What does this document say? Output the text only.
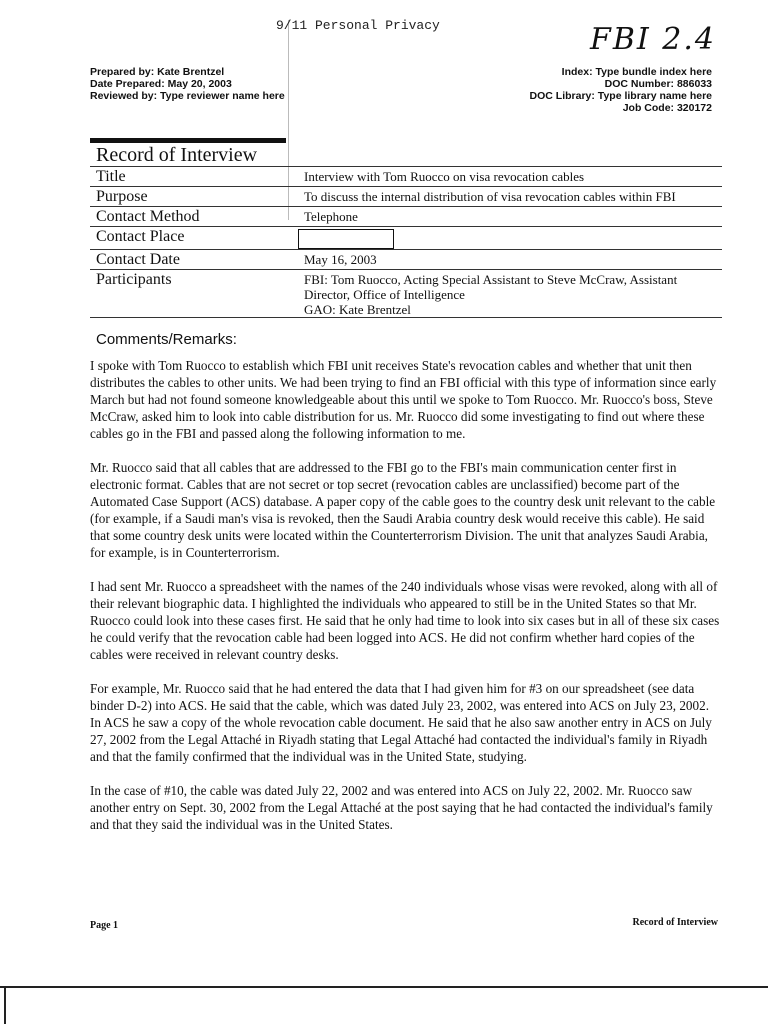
9/11 Personal Privacy	FBI 2.4
Prepared by: Kate Brentzel
Date Prepared: May 20, 2003
Reviewed by: Type reviewer name here
Index: Type bundle index here
DOC Number: 886033
DOC Library: Type library name here
Job Code: 320172
Record of Interview
Title	Interview with Tom Ruocco on visa revocation cables
Purpose	To discuss the internal distribution of visa revocation cables within FBI
Contact Method	Telephone
Contact Place	
Contact Date	May 16, 2003
Participants	FBI: Tom Ruocco, Acting Special Assistant to Steve McCraw, Assistant Director, Office of Intelligence
GAO: Kate Brentzel
Comments/Remarks:

I spoke with Tom Ruocco to establish which FBI unit receives State's revocation cables and whether that unit then distributes the cables to other units. We had been trying to find an FBI official with this type of information since early March but had not found someone knowledgeable about this until we spoke to Tom Ruocco. Mr. Ruocco's boss, Steve McCraw, asked him to look into cable distribution for us. Mr. Ruocco did some investigating to find out where these cables go in the FBI and passed along the following information to me.

Mr. Ruocco said that all cables that are addressed to the FBI go to the FBI's main communication center first in electronic format. Cables that are not secret or top secret (revocation cables are unclassified) become part of the Automated Case Support (ACS) database. A paper copy of the cable goes to the country desk unit relevant to the cable (for example, if a Saudi man's visa is revoked, then the Saudi Arabia country desk would receive this cable). He said that some country desk units were located within the Counterterrorism Division. The unit that analyzes Saudi Arabia, for example, is in Counterterrorism.

I had sent Mr. Ruocco a spreadsheet with the names of the 240 individuals whose visas were revoked, along with all of their relevant biographic data. I highlighted the individuals who appeared to still be in the United States so that Mr. Ruocco could look into these cases first. He said that he only had time to look into six cases but in all of these six cases he could verify that the revocation cable had been logged into ACS. He did not confirm whether hard copies of the cables were received in relevant country desks.

For example, Mr. Ruocco said that he had entered the data that I had given him for #3 on our spreadsheet (see data binder D-2) into ACS. He said that the cable, which was dated July 23, 2002, was entered into ACS on July 23, 2002. In ACS he saw a copy of the whole revocation cable document. He said that he also saw another entry in ACS on July 27, 2002 from the Legal Attaché in Riyadh stating that Legal Attaché had contacted the individual's family in Riyadh and that the family confirmed that the individual was in the United State, studying.

In the case of #10, the cable was dated July 22, 2002 and was entered into ACS on July 22, 2002. Mr. Ruocco saw another entry on Sept. 30, 2002 from the Legal Attaché at the post saying that he had contacted the individual's family and that they said the individual was in the United States.

Page 1	Record of Interview
